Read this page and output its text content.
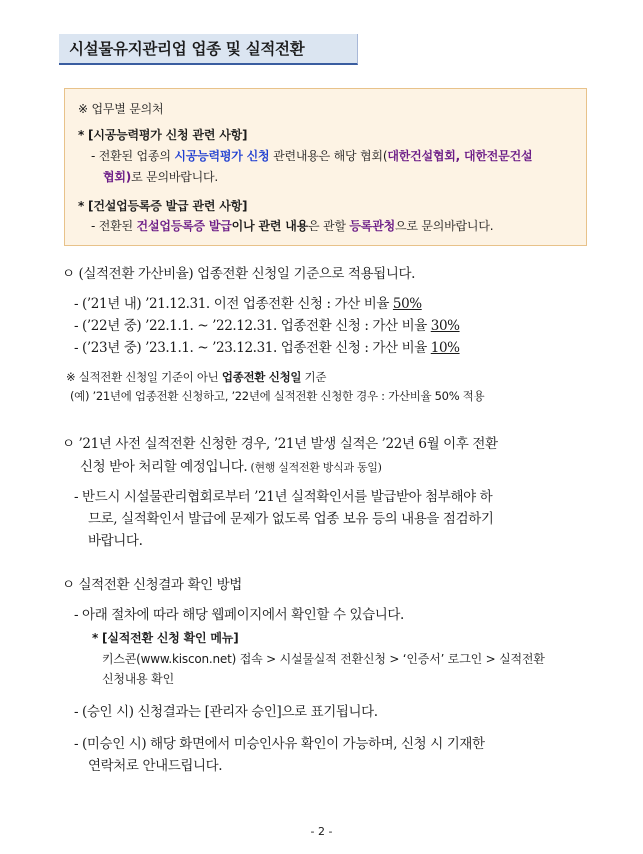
시설물유지관리업 업종 및 실적전환
※ 업무별 문의처
* [시공능력평가 신청 관련 사항]
- 전환된 업종의 시공능력평가 신청 관련내용은 해당 협회(대한건설협회, 대한전문건설
협회)로 문의바랍니다.
* [건설업등록증 발급 관련 사항]
- 전환된 건설업등록증 발급이나 관련 내용은 관할 등록관청으로 문의바랍니다.
ㅇ (실적전환 가산비율) 업종전환 신청일 기준으로 적용됩니다.
- (’21년 내) ’21.12.31. 이전 업종전환 신청 : 가산 비율 50%
- (’22년 중) ’22.1.1. ~ ’22.12.31. 업종전환 신청 : 가산 비율 30%
- (’23년 중) ’23.1.1. ~ ’23.12.31. 업종전환 신청 : 가산 비율 10%
※ 실적전환 신청일 기준이 아닌 업종전환 신청일 기준
(예) ’21년에 업종전환 신청하고, ’22년에 실적전환 신청한 경우 : 가산비율 50% 적용
ㅇ ’21년 사전 실적전환 신청한 경우, ’21년 발생 실적은 ’22년 6월 이후 전환
신청 받아 처리할 예정입니다. (현행 실적전환 방식과 동일)
- 반드시 시설물관리협회로부터 ’21년 실적확인서를 발급받아 첨부해야 하
므로, 실적확인서 발급에 문제가 없도록 업종 보유 등의 내용을 점검하기
바랍니다.
ㅇ 실적전환 신청결과 확인 방법
- 아래 절차에 따라 해당 웹페이지에서 확인할 수 있습니다.
* [실적전환 신청 확인 메뉴]
키스콘(www.kiscon.net) 접속 > 시설물실적 전환신청 > ‘인증서’ 로그인 > 실적전환
신청내용 확인
- (승인 시) 신청결과는 [관리자 승인]으로 표기됩니다.
- (미승인 시) 해당 화면에서 미승인사유 확인이 가능하며, 신청 시 기재한
연락처로 안내드립니다.
- 2 -
